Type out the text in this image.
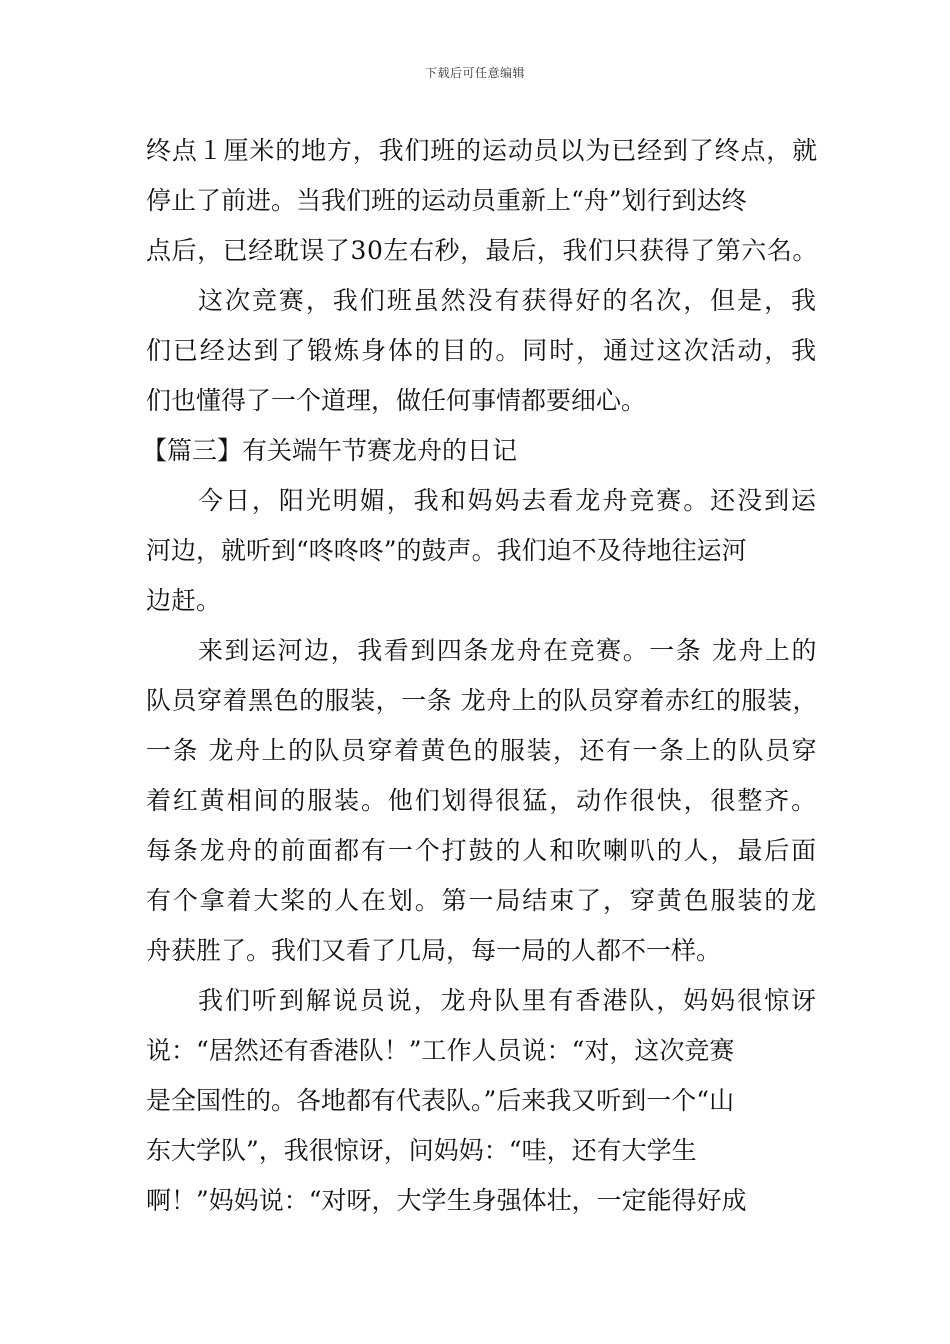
下载后可任意编辑
终点１厘米的地方，我们班的运动员以为已经到了终点，就
停止了前进。当我们班的运动员重新上“舟”划行到达终
点后，已经耽误了30左右秒，最后，我们只获得了第六名。
这次竞赛，我们班虽然没有获得好的名次，但是，我
们已经达到了锻炼身体的目的。同时，通过这次活动，我
们也懂得了一个道理，做任何事情都要细心。
【篇三】有关端午节赛龙舟的日记
今日，阳光明媚，我和妈妈去看龙舟竞赛。还没到运
河边，就听到“咚咚咚”的鼓声。我们迫不及待地往运河
边赶。
来到运河边，我看到四条龙舟在竞赛。一条 龙舟上的
队员穿着黑色的服装，一条 龙舟上的队员穿着赤红的服装，
一条 龙舟上的队员穿着黄色的服装，还有一条上的队员穿
着红黄相间的服装。他们划得很猛，动作很快，很整齐。
每条龙舟的前面都有一个打鼓的人和吹喇叭的人，最后面
有个拿着大桨的人在划。第一局结束了，穿黄色服装的龙
舟获胜了。我们又看了几局，每一局的人都不一样。
我们听到解说员说，龙舟队里有香港队，妈妈很惊讶
说：“居然还有香港队！”工作人员说：“对，这次竞赛
是全国性的。各地都有代表队。”后来我又听到一个“山
东大学队”，我很惊讶，问妈妈：“哇，还有大学生
啊！”妈妈说：“对呀，大学生身强体壮，一定能得好成
